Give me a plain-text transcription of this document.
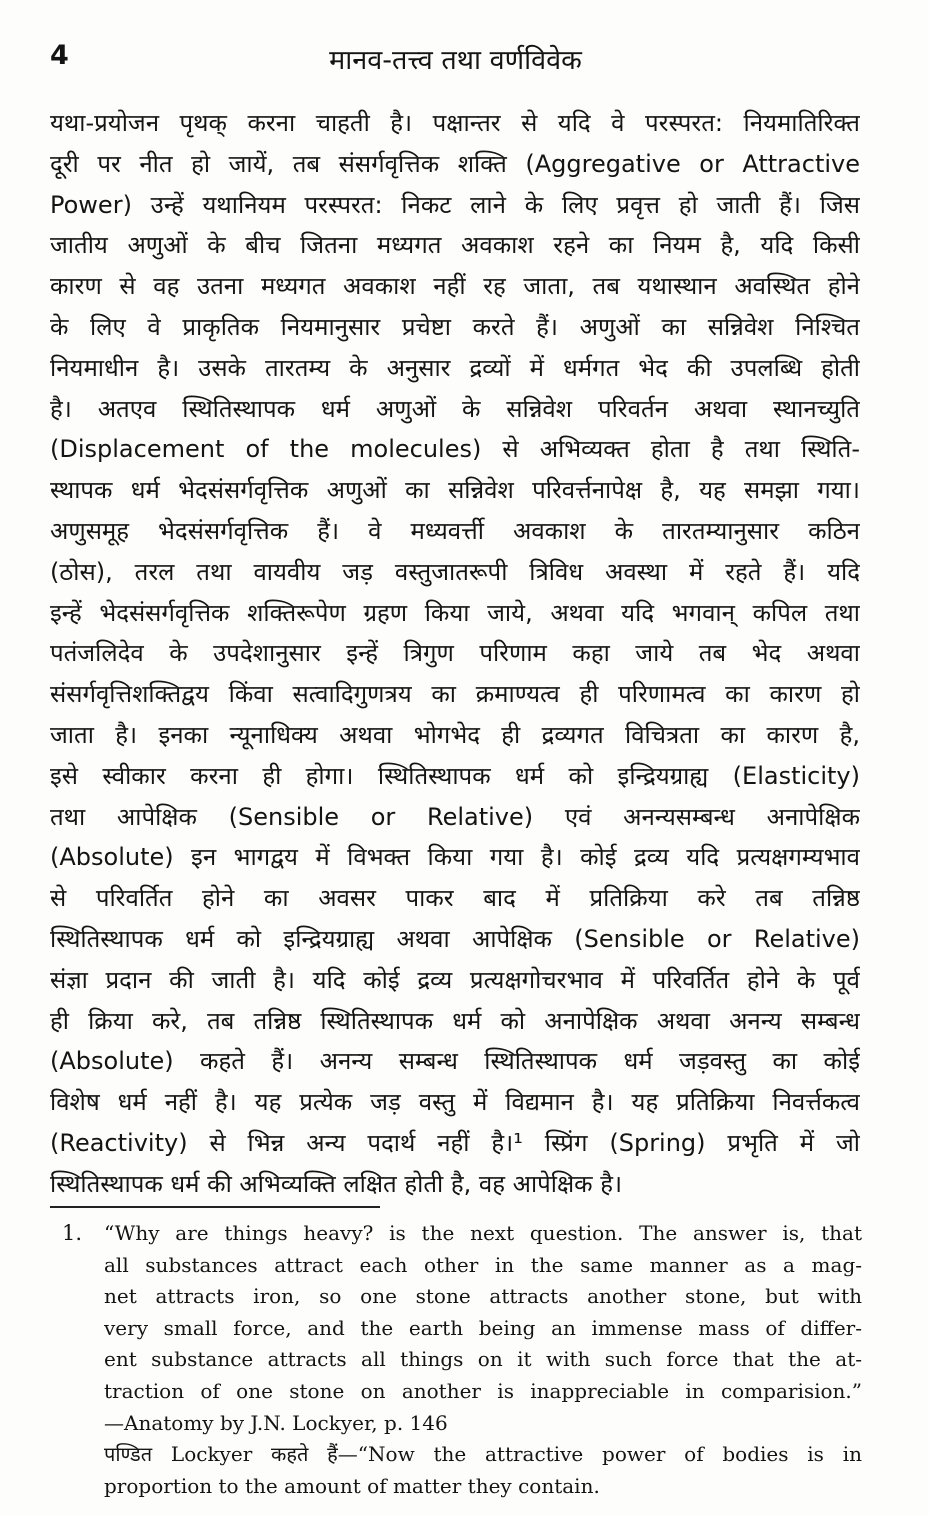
4	मानव-तत्त्व तथा वर्णविवेक
यथा-प्रयोजन पृथक् करना चाहती है। पक्षान्तर से यदि वे परस्परत: नियमातिरिक्त
दूरी पर नीत हो जायें, तब संसर्गवृत्तिक शक्ति (Aggregative or Attractive
Power) उन्हें यथानियम परस्परत: निकट लाने के लिए प्रवृत्त हो जाती हैं। जिस
जातीय अणुओं के बीच जितना मध्यगत अवकाश रहने का नियम है, यदि किसी
कारण से वह उतना मध्यगत अवकाश नहीं रह जाता, तब यथास्थान अवस्थित होने
के लिए वे प्राकृतिक नियमानुसार प्रचेष्टा करते हैं। अणुओं का सन्निवेश निश्चित
नियमाधीन है। उसके तारतम्य के अनुसार द्रव्यों में धर्मगत भेद की उपलब्धि होती
है। अतएव स्थितिस्थापक धर्म अणुओं के सन्निवेश परिवर्तन अथवा स्थानच्युति
(Displacement of the molecules) से अभिव्यक्त होता है तथा स्थिति-
स्थापक धर्म भेदसंसर्गवृत्तिक अणुओं का सन्निवेश परिवर्त्तनापेक्ष है, यह समझा गया।
अणुसमूह भेदसंसर्गवृत्तिक हैं। वे मध्यवर्त्ती अवकाश के तारतम्यानुसार कठिन
(ठोस), तरल तथा वायवीय जड़ वस्तुजातरूपी त्रिविध अवस्था में रहते हैं। यदि
इन्हें भेदसंसर्गवृत्तिक शक्तिरूपेण ग्रहण किया जाये, अथवा यदि भगवान् कपिल तथा
पतंजलिदेव के उपदेशानुसार इन्हें त्रिगुण परिणाम कहा जाये तब भेद अथवा
संसर्गवृत्तिशक्तिद्वय किंवा सत्वादिगुणत्रय का क्रमाण्यत्व ही परिणामत्व का कारण हो
जाता है। इनका न्यूनाधिक्य अथवा भोगभेद ही द्रव्यगत विचित्रता का कारण है,
इसे स्वीकार करना ही होगा। स्थितिस्थापक धर्म को इन्द्रियग्राह्य (Elasticity)
तथा आपेक्षिक (Sensible or Relative) एवं अनन्यसम्बन्ध अनापेक्षिक
(Absolute) इन भागद्वय में विभक्त किया गया है। कोई द्रव्य यदि प्रत्यक्षगम्यभाव
से परिवर्तित होने का अवसर पाकर बाद में प्रतिक्रिया करे तब तन्निष्ठ
स्थितिस्थापक धर्म को इन्द्रियग्राह्य अथवा आपेक्षिक (Sensible or Relative)
संज्ञा प्रदान की जाती है। यदि कोई द्रव्य प्रत्यक्षगोचरभाव में परिवर्तित होने के पूर्व
ही क्रिया करे, तब तन्निष्ठ स्थितिस्थापक धर्म को अनापेक्षिक अथवा अनन्य सम्बन्ध
(Absolute) कहते हैं। अनन्य सम्बन्ध स्थितिस्थापक धर्म जड़वस्तु का कोई
विशेष धर्म नहीं है। यह प्रत्येक जड़ वस्तु में विद्यमान है। यह प्रतिक्रिया निवर्त्तकत्व
(Reactivity) से भिन्न अन्य पदार्थ नहीं है।¹ स्प्रिंग (Spring) प्रभृति में जो
स्थितिस्थापक धर्म की अभिव्यक्ति लक्षित होती है, वह आपेक्षिक है।
1. “Why are things heavy? is the next question. The answer is, that
all substances attract each other in the same manner as a mag-
net attracts iron, so one stone attracts another stone, but with
very small force, and the earth being an immense mass of differ-
ent substance attracts all things on it with such force that the at-
traction of one stone on another is inappreciable in comparision.”
—Anatomy by J.N. Lockyer, p. 146
पण्डित Lockyer कहते हैं—“Now the attractive power of bodies is in
proportion to the amount of matter they contain.
